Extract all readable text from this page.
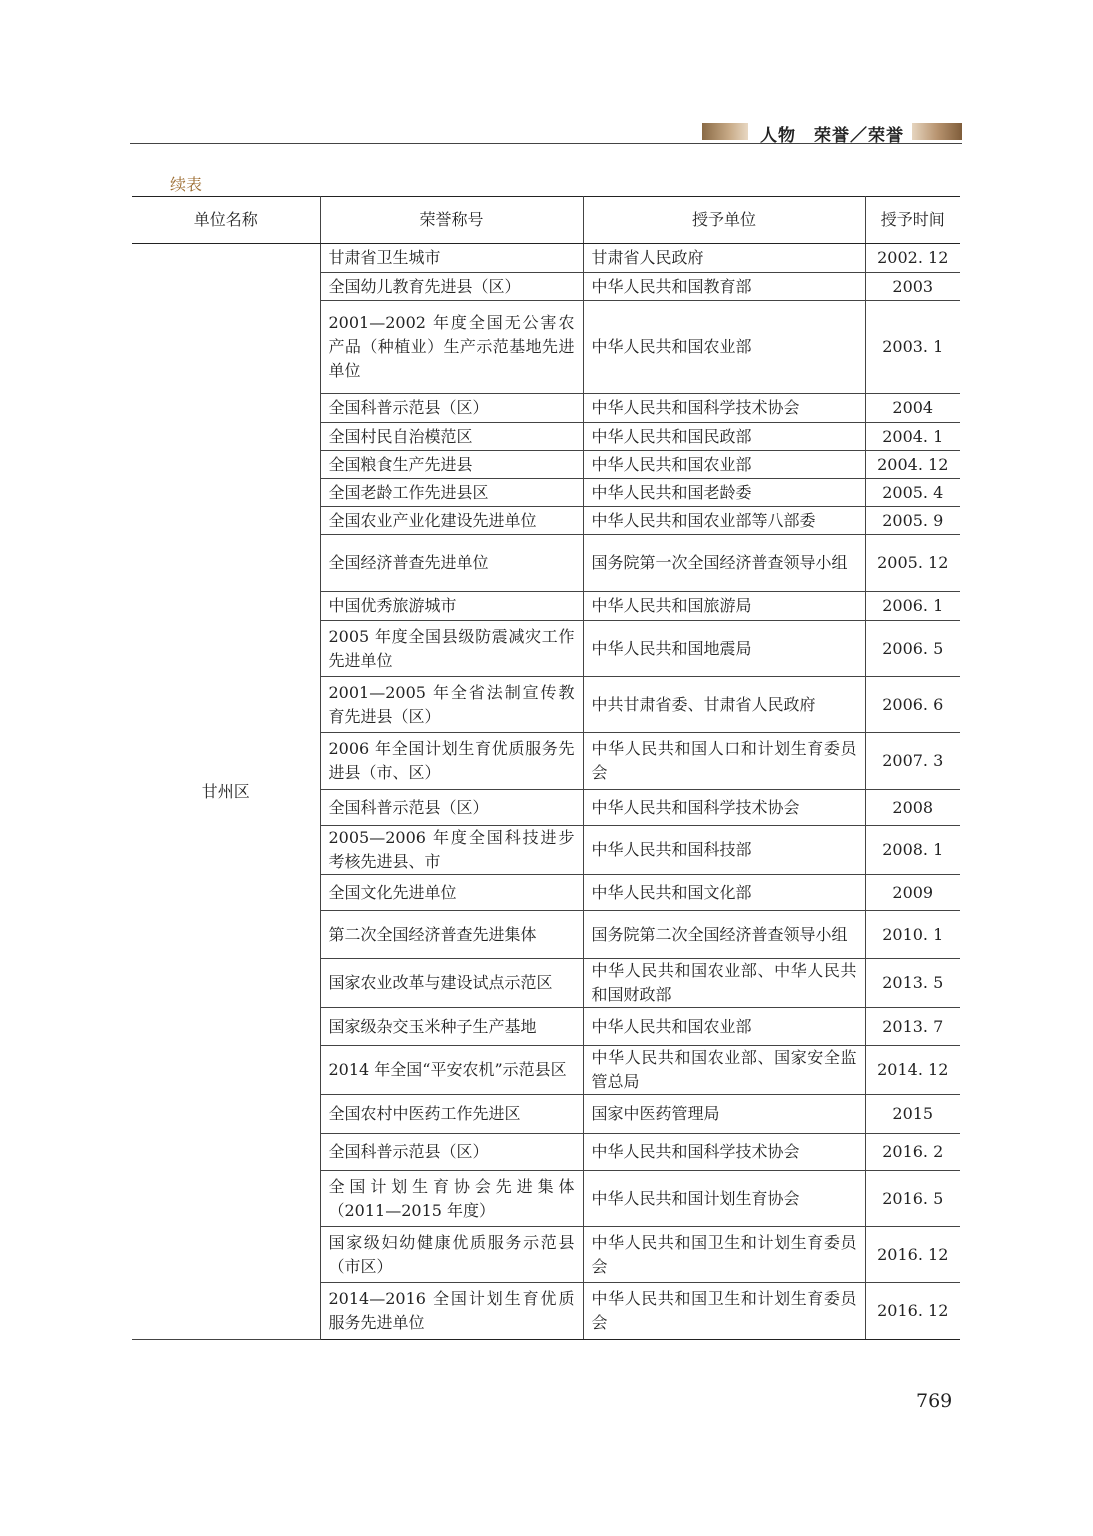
人物　荣誉／荣誉
续表
单位名称	荣誉称号	授予单位	授予时间
甘州区	甘肃省卫生城市	甘肃省人民政府	2002. 12
	全国幼儿教育先进县（区）	中华人民共和国教育部	2003
	2001—2002 年度全国无公害农产品（种植业）生产示范基地先进单位	中华人民共和国农业部	2003. 1
	全国科普示范县（区）	中华人民共和国科学技术协会	2004
	全国村民自治模范区	中华人民共和国民政部	2004. 1
	全国粮食生产先进县	中华人民共和国农业部	2004. 12
	全国老龄工作先进县区	中华人民共和国老龄委	2005. 4
	全国农业产业化建设先进单位	中华人民共和国农业部等八部委	2005. 9
	全国经济普查先进单位	国务院第一次全国经济普查领导小组	2005. 12
	中国优秀旅游城市	中华人民共和国旅游局	2006. 1
	2005 年度全国县级防震减灾工作先进单位	中华人民共和国地震局	2006. 5
	2001—2005 年全省法制宣传教育先进县（区）	中共甘肃省委、甘肃省人民政府	2006. 6
	2006 年全国计划生育优质服务先进县（市、区）	中华人民共和国人口和计划生育委员会	2007. 3
	全国科普示范县（区）	中华人民共和国科学技术协会	2008
	2005—2006 年度全国科技进步考核先进县、市	中华人民共和国科技部	2008. 1
	全国文化先进单位	中华人民共和国文化部	2009
	第二次全国经济普查先进集体	国务院第二次全国经济普查领导小组	2010. 1
	国家农业改革与建设试点示范区	中华人民共和国农业部、中华人民共和国财政部	2013. 5
	国家级杂交玉米种子生产基地	中华人民共和国农业部	2013. 7
	2014 年全国“平安农机”示范县区	中华人民共和国农业部、国家安全监管总局	2014. 12
	全国农村中医药工作先进区	国家中医药管理局	2015
	全国科普示范县（区）	中华人民共和国科学技术协会	2016. 2
	全国计划生育协会先进集体（2011—2015 年度）	中华人民共和国计划生育协会	2016. 5
	国家级妇幼健康优质服务示范县（市区）	中华人民共和国卫生和计划生育委员会	2016. 12
	2014—2016 全国计划生育优质服务先进单位	中华人民共和国卫生和计划生育委员会	2016. 12
769
